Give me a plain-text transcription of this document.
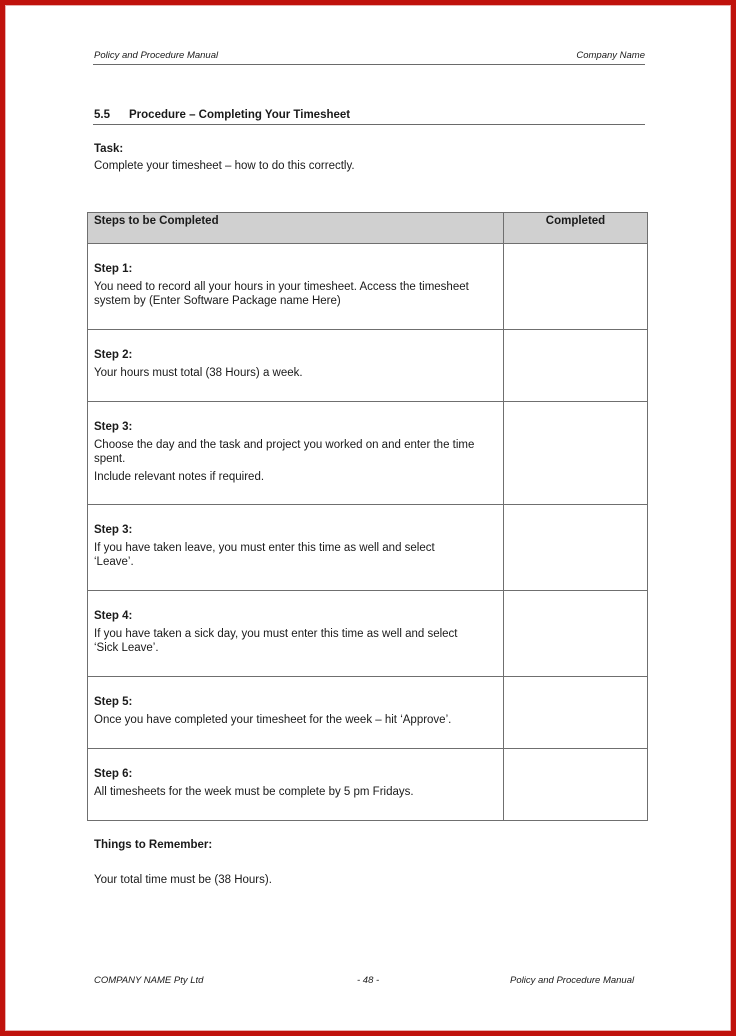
Policy and Procedure Manual	Company Name
5.5 Procedure – Completing Your Timesheet
Task:
Complete your timesheet – how to do this correctly.
Steps to be Completed	Completed

Step 1:
You need to record all your hours in your timesheet. Access the timesheet
system by (Enter Software Package name Here)	

Step 2:
Your hours must total (38 Hours) a week.	

Step 3:
Choose the day and the task and project you worked on and enter the time
spent.
Include relevant notes if required.	

Step 3:
If you have taken leave, you must enter this time as well and select
‘Leave’.	

Step 4:
If you have taken a sick day, you must enter this time as well and select
‘Sick Leave’.	

Step 5:
Once you have completed your timesheet for the week – hit ‘Approve’.	

Step 6:
All timesheets for the week must be complete by 5 pm Fridays.	

Things to Remember:
Your total time must be (38 Hours).
COMPANY NAME Pty Ltd	- 48 -	Policy and Procedure Manual
